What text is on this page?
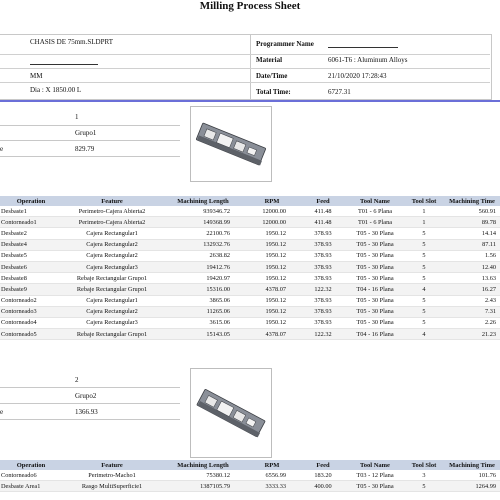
Milling Process Sheet
CHASIS DE 75mm.SLDPRT
MM
Dia : X 1850.00 L
Programmer Name
Material	6061-T6 : Aluminum Alloys
Date/Time	21/10/2020 17:28:43
Total Time:	6727.31
1
Grupo1
e	829.79
Operation	Feature	Machining Length	RPM	Feed	Tool Name	Tool Slot	Machining Time
Desbaste1	Perimetro-Cajera Abierta2	939346.72	12000.00	411.48	T01 - 6 Plana	1	560.91
Contorneado1	Perimetro-Cajera Abierta2	149368.99	12000.00	411.48	T01 - 6 Plana	1	89.78
Desbaste2	Cajera Rectangular1	22100.76	1950.12	378.93	T05 - 30 Plana	5	14.14
Desbaste4	Cajera Rectangular2	132932.76	1950.12	378.93	T05 - 30 Plana	5	87.11
Desbaste5	Cajera Rectangular2	2638.82	1950.12	378.93	T05 - 30 Plana	5	1.56
Desbaste6	Cajera Rectangular3	19412.76	1950.12	378.93	T05 - 30 Plana	5	12.40
Desbaste8	Rebaje Rectangular Grupo1	19420.97	1950.12	378.93	T05 - 30 Plana	5	13.63
Desbaste9	Rebaje Rectangular Grupo1	15316.00	4378.07	122.32	T04 - 16 Plana	4	16.27
Contorneado2	Cajera Rectangular1	3865.06	1950.12	378.93	T05 - 30 Plana	5	2.43
Contorneado3	Cajera Rectangular2	11265.06	1950.12	378.93	T05 - 30 Plana	5	7.31
Contorneado4	Cajera Rectangular3	3615.06	1950.12	378.93	T05 - 30 Plana	5	2.26
Contorneado5	Rebaje Rectangular Grupo1	15143.05	4378.07	122.32	T04 - 16 Plana	4	21.23
2
Grupo2
e	1366.93
Operation	Feature	Machining Length	RPM	Feed	Tool Name	Tool Slot	Machining Time
Contorneado6	Perimetro-Macho1	75380.12	6556.99	183.20	T03 - 12 Plana	3	101.76
Desbaste Area1	Rasgo MultiSuperficie1	1387105.79	3333.33	400.00	T05 - 30 Plana	5	1264.99
